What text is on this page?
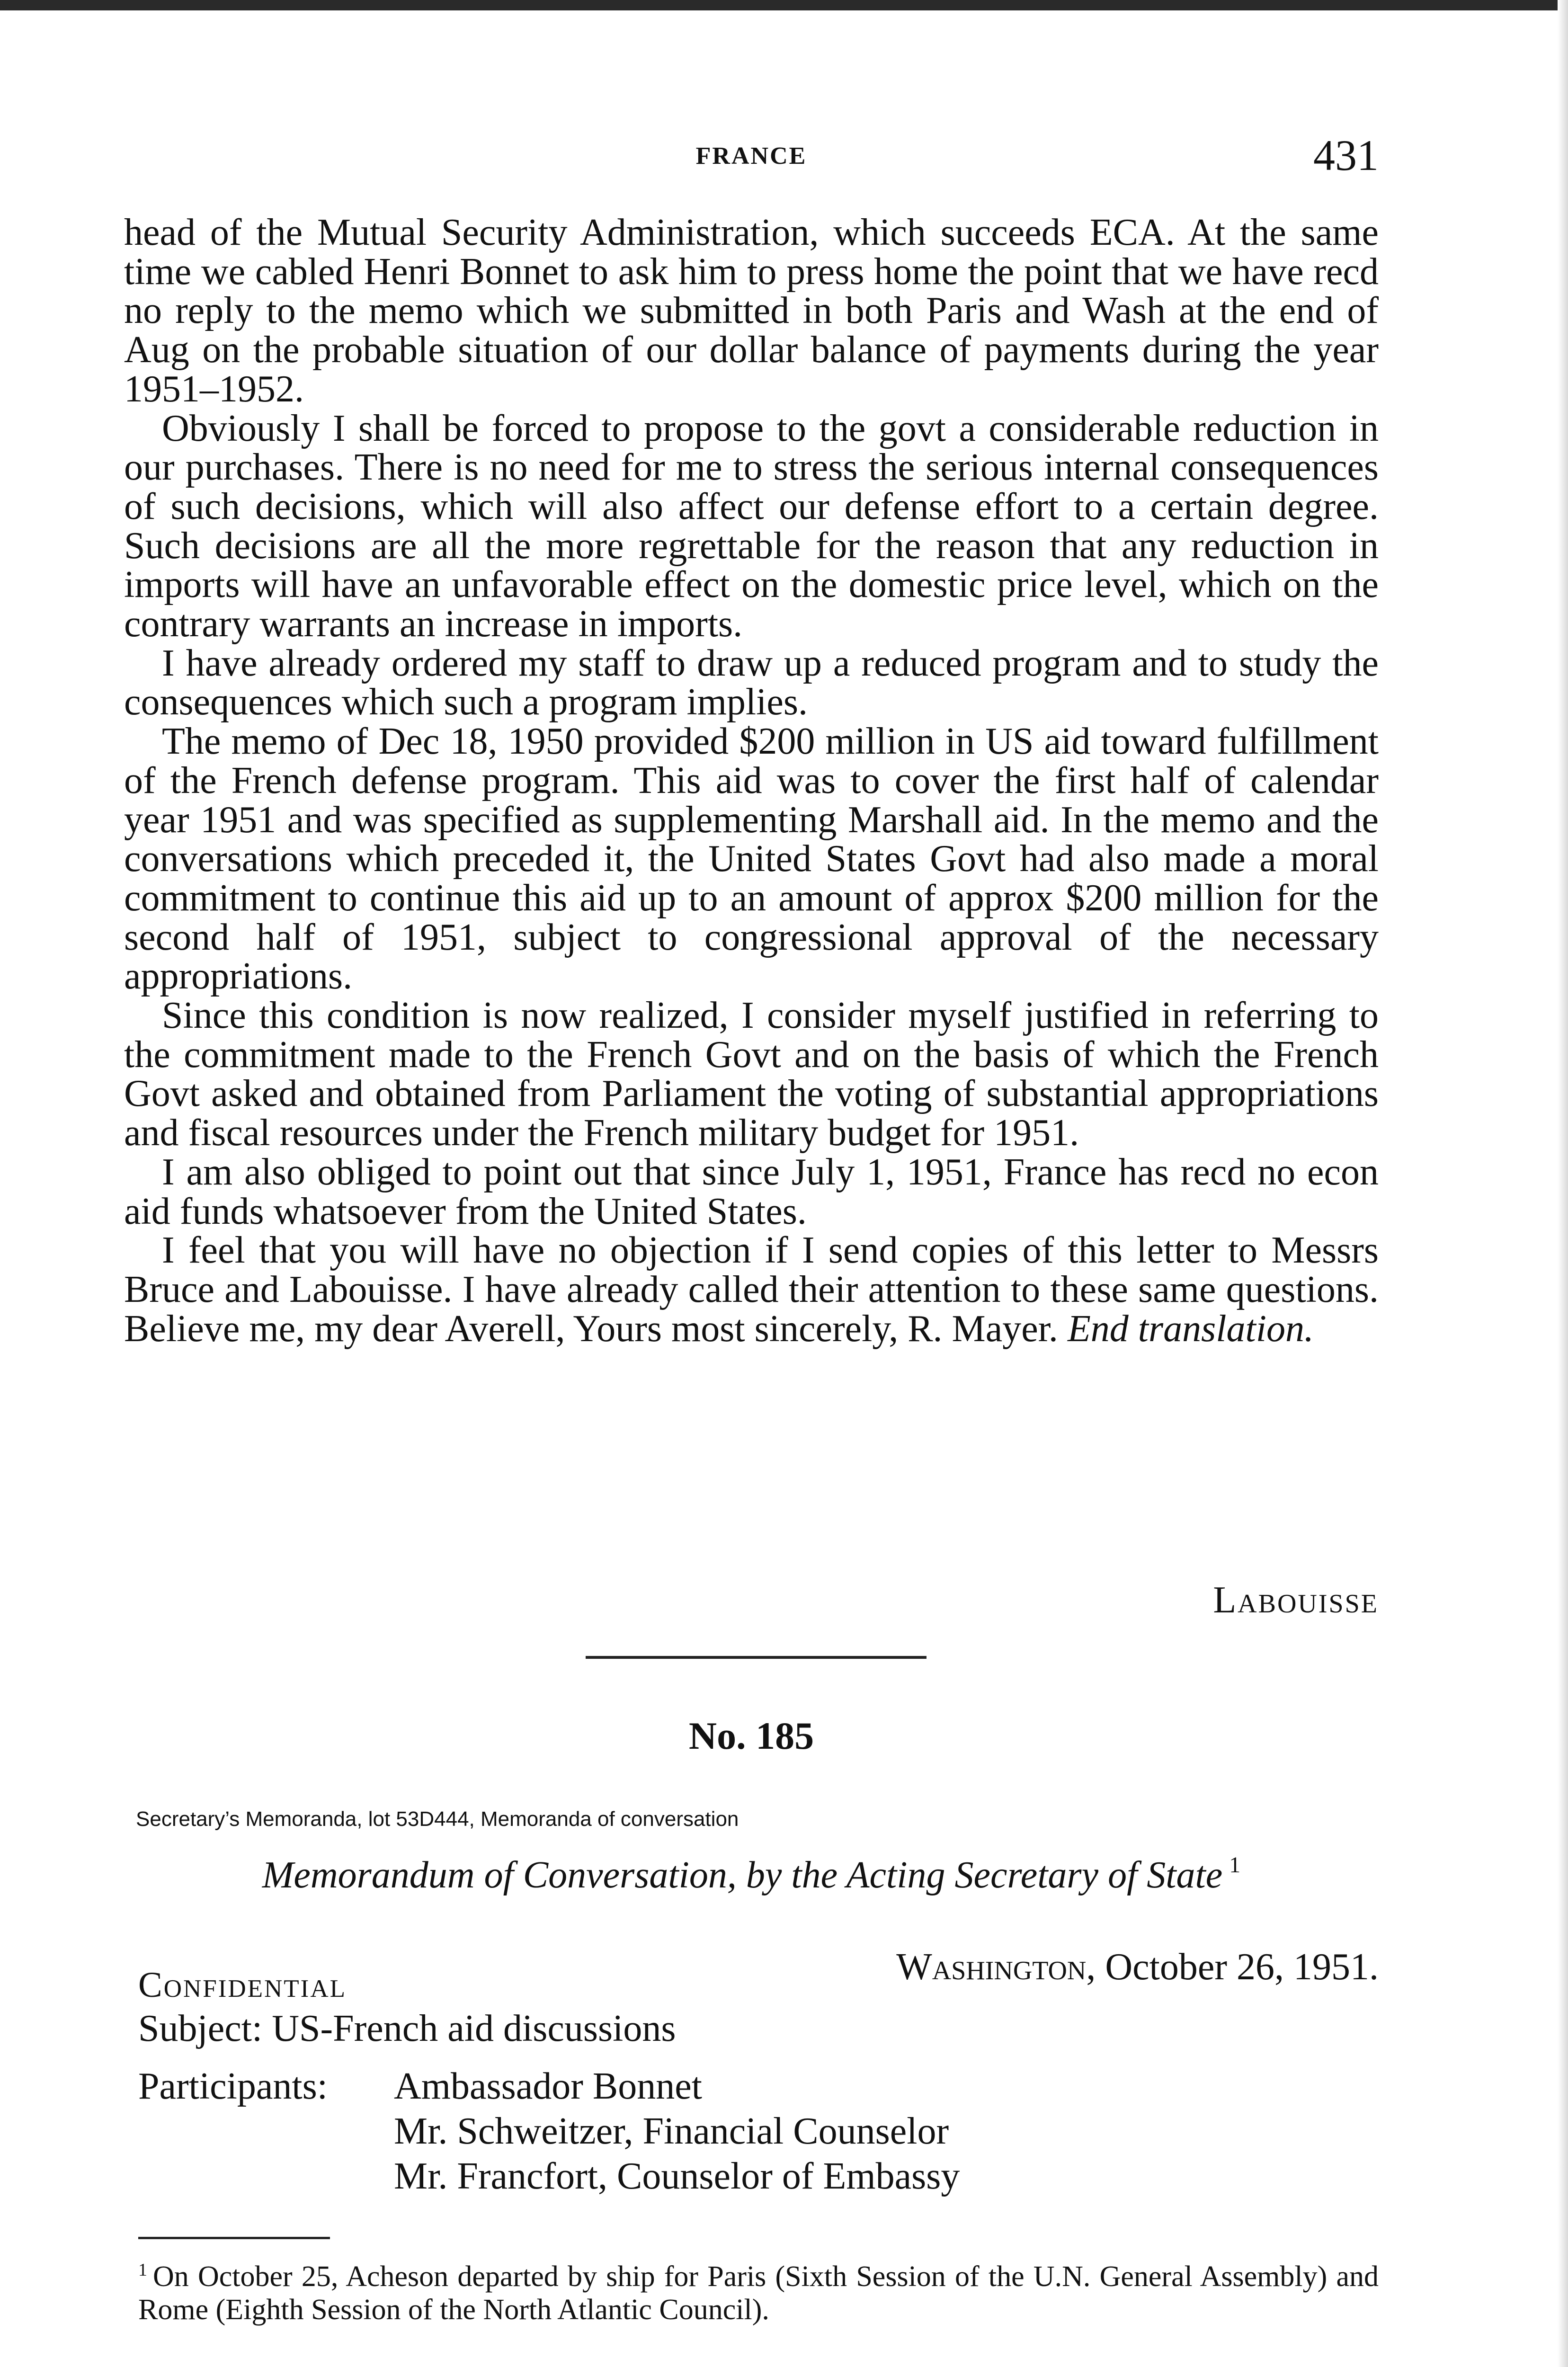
FRANCE	431

head of the Mutual Security Administration, which succeeds ECA. At the same time we cabled Henri Bonnet to ask him to press home the point that we have recd no reply to the memo which we submitted in both Paris and Wash at the end of Aug on the probable situation of our dollar balance of payments during the year 1951–1952.

Obviously I shall be forced to propose to the govt a considerable reduction in our purchases. There is no need for me to stress the serious internal consequences of such decisions, which will also affect our defense effort to a certain degree. Such decisions are all the more regrettable for the reason that any reduction in imports will have an unfavorable effect on the domestic price level, which on the contrary warrants an increase in imports.

I have already ordered my staff to draw up a reduced program and to study the consequences which such a program implies.

The memo of Dec 18, 1950 provided $200 million in US aid toward fulfillment of the French defense program. This aid was to cover the first half of calendar year 1951 and was specified as supplementing Marshall aid. In the memo and the conversations which preceded it, the United States Govt had also made a moral commitment to continue this aid up to an amount of approx $200 million for the second half of 1951, subject to congressional approval of the necessary appropriations.

Since this condition is now realized, I consider myself justified in referring to the commitment made to the French Govt and on the basis of which the French Govt asked and obtained from Parliament the voting of substantial appropriations and fiscal resources under the French military budget for 1951.

I am also obliged to point out that since July 1, 1951, France has recd no econ aid funds whatsoever from the United States.

I feel that you will have no objection if I send copies of this letter to Messrs Bruce and Labouisse. I have already called their attention to these same questions. Believe me, my dear Averell, Yours most sincerely, R. Mayer. End translation.

Labouisse
No. 185
Secretary’s Memoranda, lot 53D444, Memoranda of conversation
Memorandum of Conversation, by the Acting Secretary of State $^1$
Confidential	Washington, October 26, 1951.
Subject: US-French aid discussions
Participants: Ambassador Bonnet
Mr. Schweitzer, Financial Counselor
Mr. Francfort, Counselor of Embassy
$^1$ On October 25, Acheson departed by ship for Paris (Sixth Session of the U.N. General Assembly) and Rome (Eighth Session of the North Atlantic Council).
